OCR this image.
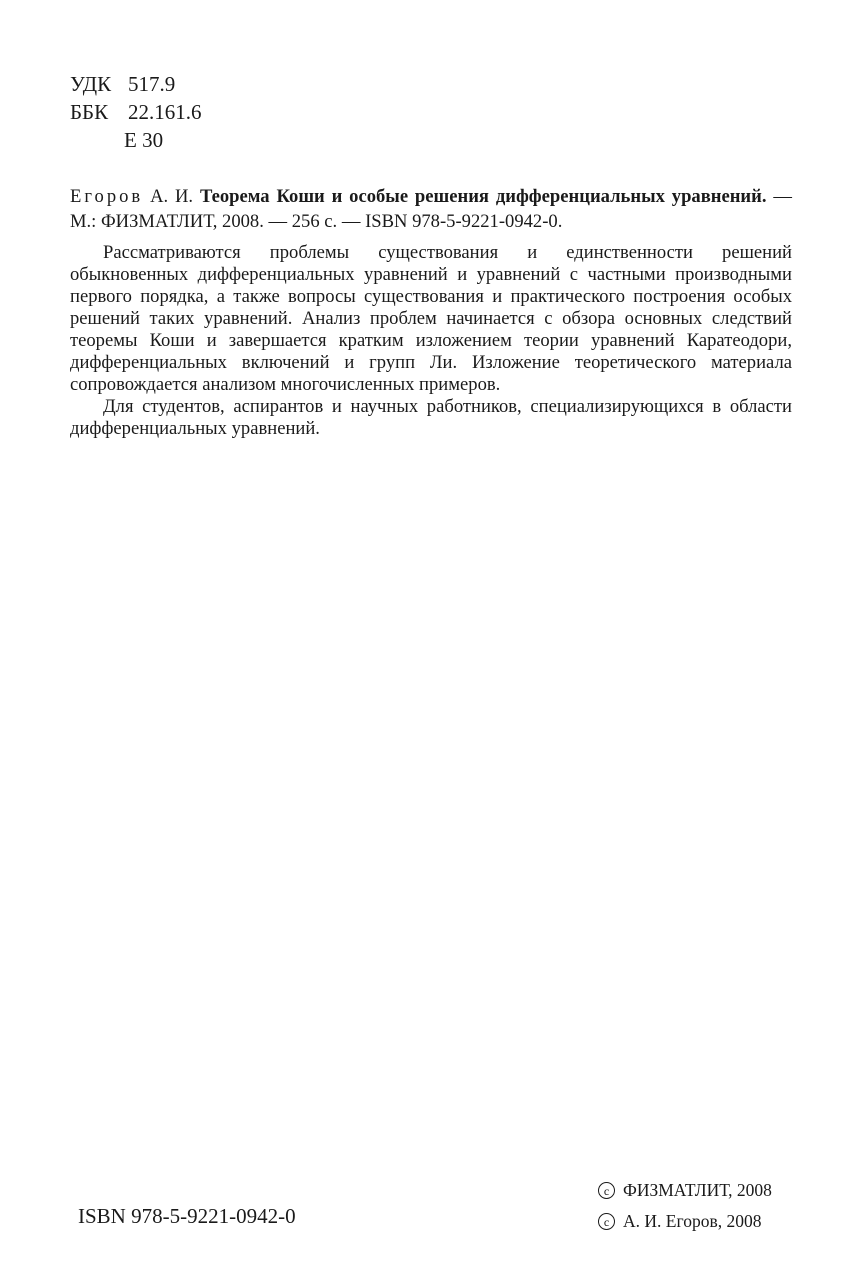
УДК 517.9
ББК 22.161.6
Е 30
Егоров А. И. Теорема Коши и особые решения дифференциальных уравнений. — М.: ФИЗМАТЛИТ, 2008. — 256 с. — ISBN 978-5-9221-0942-0.

Рассматриваются проблемы существования и единственности решений обыкновенных дифференциальных уравнений и уравнений с частными производными первого порядка, а также вопросы существования и практического построения особых решений таких уравнений. Анализ проблем начинается с обзора основных следствий теоремы Коши и завершается кратким изложением теории уравнений Каратеодори, дифференциальных включений и групп Ли. Изложение теоретического материала сопровождается анализом многочисленных примеров.

Для студентов, аспирантов и научных работников, специализирующихся в области дифференциальных уравнений.

ISBN 978-5-9221-0942-0
c ФИЗМАТЛИТ, 2008
c А. И. Егоров, 2008
